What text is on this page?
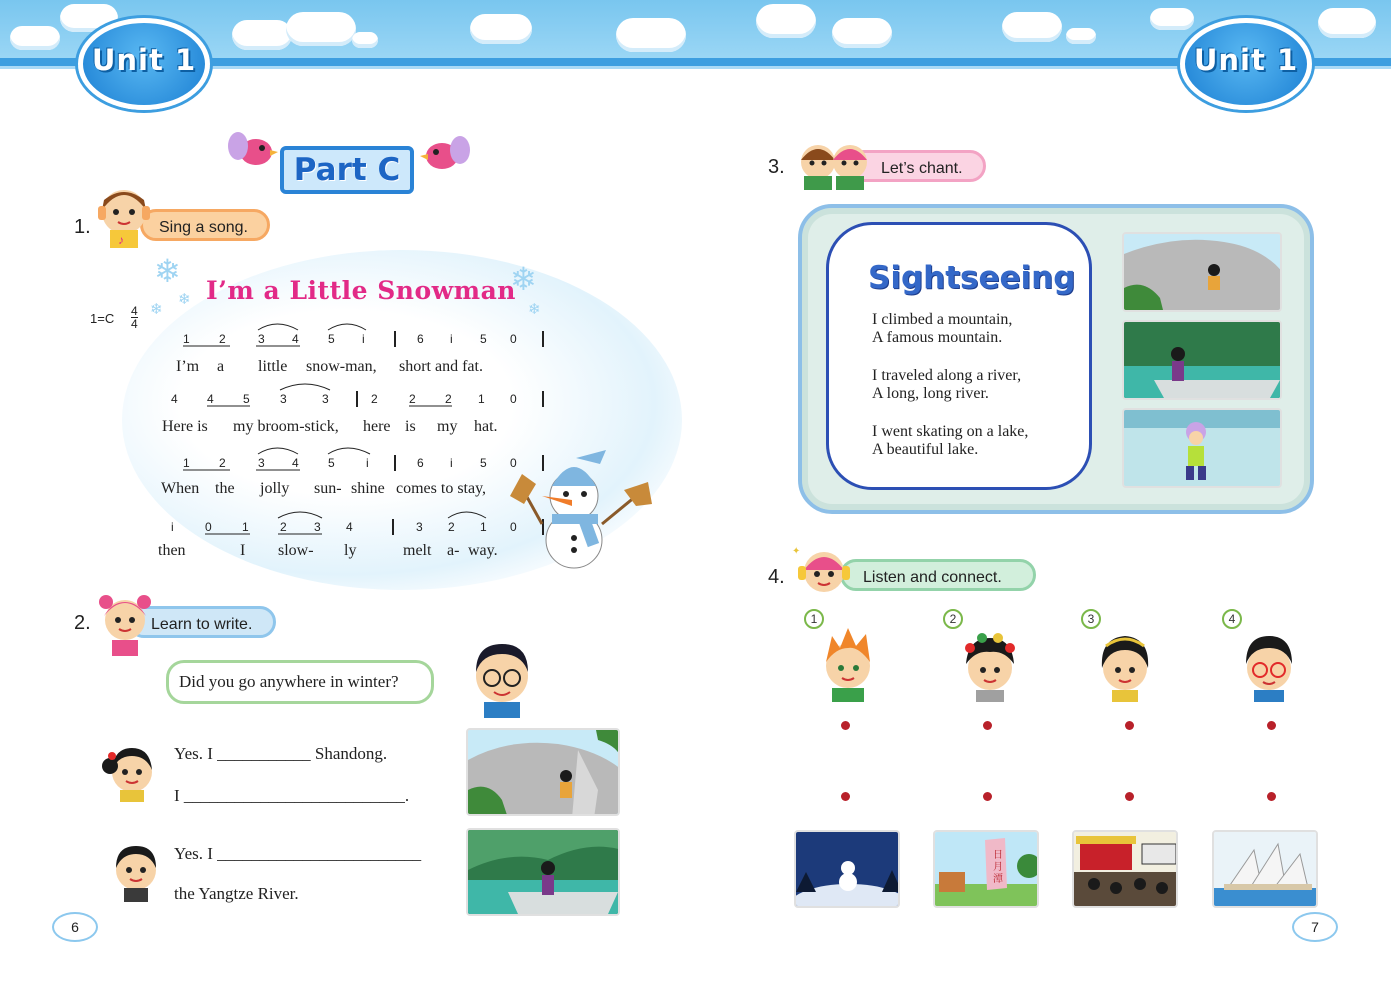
Unit 1	Unit 1
Part C
1.	Sing a song.
♪
❄	❄
❄
❄	❄
I’m a Little Snowman
1=C 4
4
1 2	3 4 5 i	6 i 5 0
I’m a little snow-man, short and fat.
4 4 5	3	3	2	2 2 1 0
Here is my broom-stick, here is my hat.
1 2	3 4 5	i	6 i 5 0
When the jolly sun- shine comes to stay,
i	0	1	2 3 4	3 2 1 0
then	I slow- ly	melt a- way.
2.	Learn to write.
Did you go anywhere in winter?
Yes. I ___________ Shandong.
I __________________________.
Yes. I ________________________
the Yangtze River.
6
3.	Let’s chant.
Sightseeing
I climbed a mountain,
A famous mountain.
I traveled along a river,
A long, long river.
I went skating on a lake,
A beautiful lake.
4.	Listen and connect.
✦
1	2	3	4
日
月
潭
7
